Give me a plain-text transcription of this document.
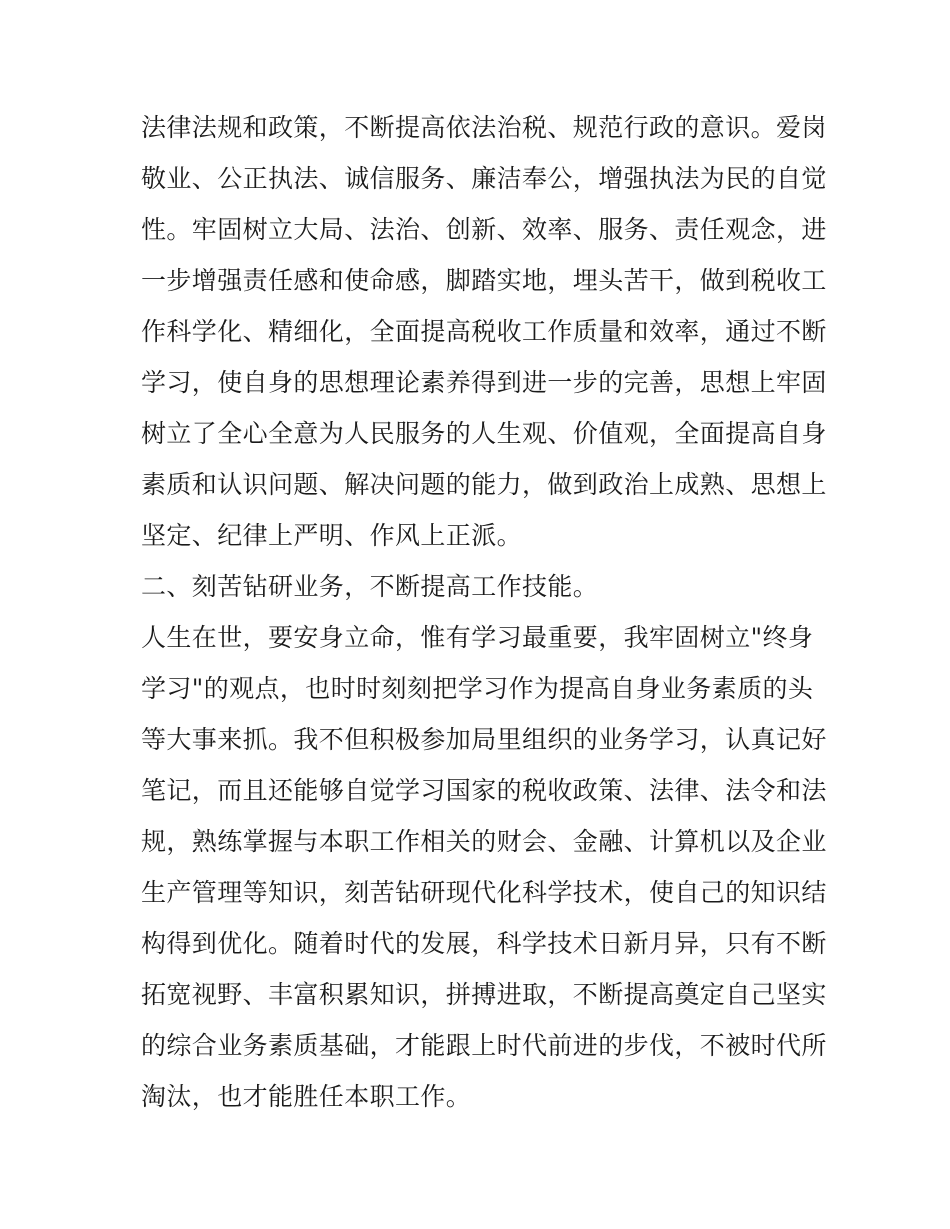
法律法规和政策，不断提高依法治税、规范行政的意识。爱岗
敬业、公正执法、诚信服务、廉洁奉公，增强执法为民的自觉
性。牢固树立大局、法治、创新、效率、服务、责任观念，进
一步增强责任感和使命感，脚踏实地，埋头苦干，做到税收工
作科学化、精细化，全面提高税收工作质量和效率，通过不断
学习，使自身的思想理论素养得到进一步的完善，思想上牢固
树立了全心全意为人民服务的人生观、价值观，全面提高自身
素质和认识问题、解决问题的能力，做到政治上成熟、思想上
坚定、纪律上严明、作风上正派。
二、刻苦钻研业务，不断提高工作技能。
人生在世，要安身立命，惟有学习最重要，我牢固树立"终身
学习"的观点，也时时刻刻把学习作为提高自身业务素质的头
等大事来抓。我不但积极参加局里组织的业务学习，认真记好
笔记，而且还能够自觉学习国家的税收政策、法律、法令和法
规，熟练掌握与本职工作相关的财会、金融、计算机以及企业
生产管理等知识，刻苦钻研现代化科学技术，使自己的知识结
构得到优化。随着时代的发展，科学技术日新月异，只有不断
拓宽视野、丰富积累知识，拼搏进取，不断提高奠定自己坚实
的综合业务素质基础，才能跟上时代前进的步伐，不被时代所
淘汰，也才能胜任本职工作。
